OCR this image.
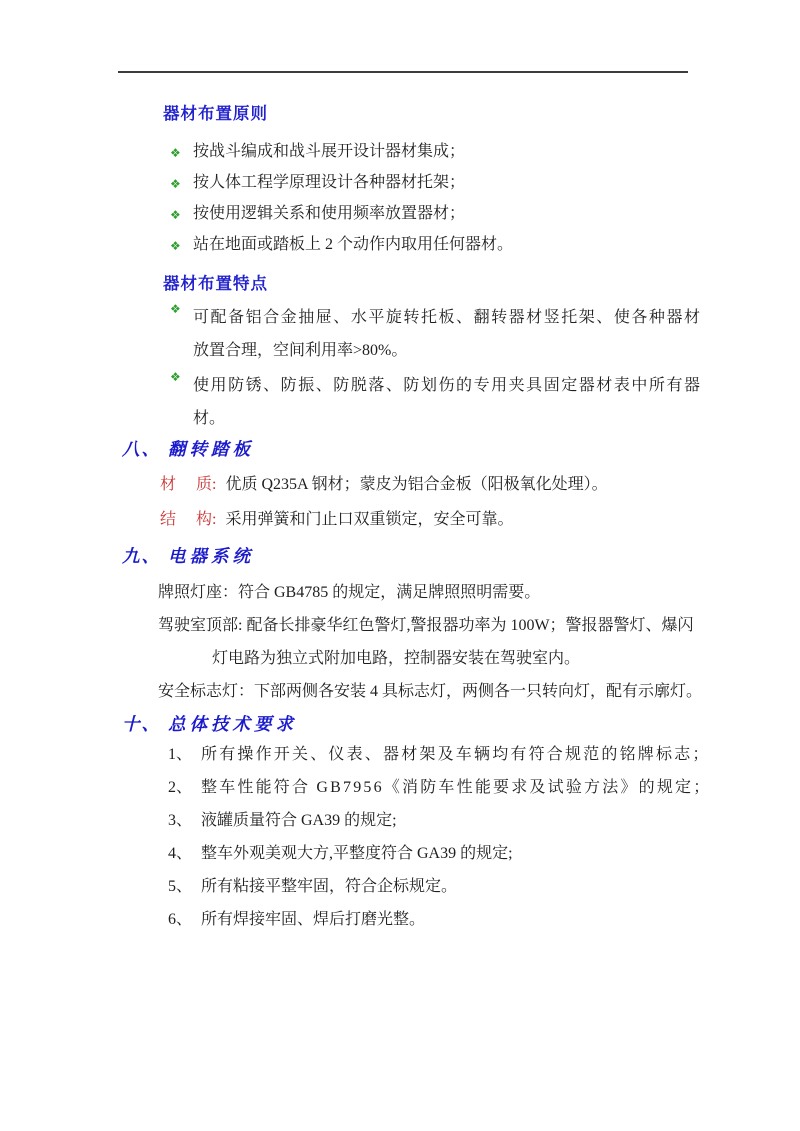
器材布置原则
❖ 按战斗编成和战斗展开设计器材集成；
❖ 按人体工程学原理设计各种器材托架；
❖ 按使用逻辑关系和使用频率放置器材；
❖ 站在地面或踏板上 2 个动作内取用任何器材。
器材布置特点
❖ 可配备铝合金抽屉、水平旋转托板、翻转器材竖托架、使各种器材
放置合理，空间利用率>80%。
❖ 使用防锈、防振、防脱落、防划伤的专用夹具固定器材表中所有器
材。
八、 翻转踏板
材　 质: 优质 Q235A 钢材；蒙皮为铝合金板（阳极氧化处理）。
结　 构: 采用弹簧和门止口双重锁定，安全可靠。
九、 电器系统
牌照灯座：符合 GB4785 的规定，满足牌照照明需要。
驾驶室顶部: 配备长排豪华红色警灯,警报器功率为 100W；警报器警灯、爆闪
灯电路为独立式附加电路，控制器安装在驾驶室内。
安全标志灯：下部两侧各安装 4 具标志灯，两侧各一只转向灯，配有示廓灯。
十、 总体技术要求
1、 所有操作开关、仪表、器材架及车辆均有符合规范的铭牌标志；
2、 整车性能符合 GB7956《消防车性能要求及试验方法》的规定；
3、 液罐质量符合 GA39 的规定;
4、 整车外观美观大方,平整度符合 GA39 的规定;
5、 所有粘接平整牢固，符合企标规定。
6、 所有焊接牢固、焊后打磨光整。
